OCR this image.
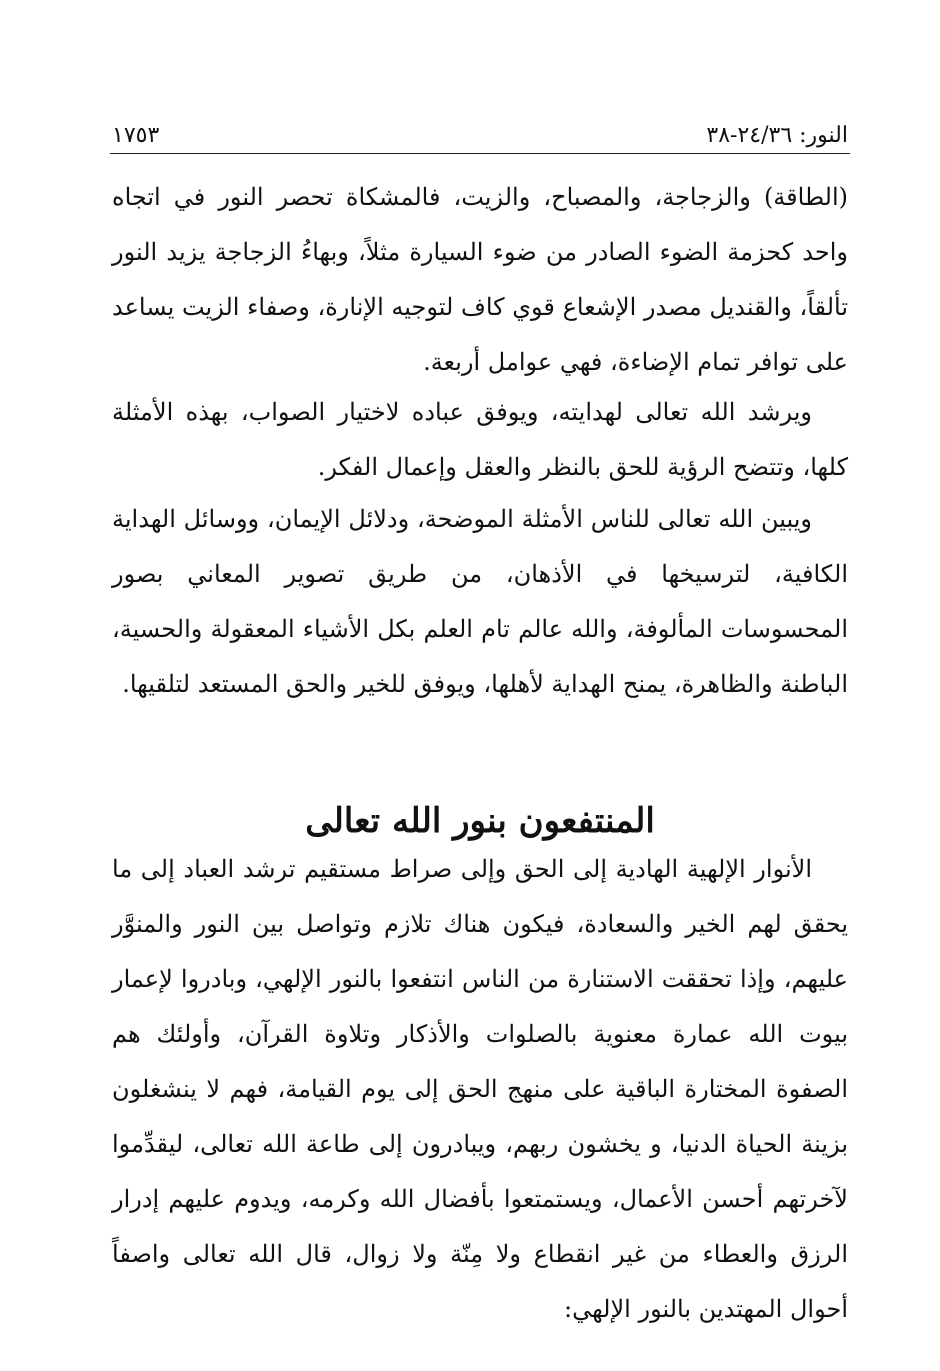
النور: ٢٤/٣٦-٣٨
١٧٥٣

(الطاقة) والزجاجة، والمصباح، والزيت، فالمشكاة تحصر النور في اتجاه واحد كحزمة الضوء الصادر من ضوء السيارة مثلاً، وبهاءُ الزجاجة يزيد النور تألقاً، والقنديل مصدر الإشعاع قوي كاف لتوجيه الإنارة، وصفاء الزيت يساعد على توافر تمام الإضاءة، فهي عوامل أربعة.

ويرشد الله تعالى لهدايته، ويوفق عباده لاختيار الصواب، بهذه الأمثلة كلها، وتتضح الرؤية للحق بالنظر والعقل وإعمال الفكر.

ويبين الله تعالى للناس الأمثلة الموضحة، ودلائل الإيمان، ووسائل الهداية الكافية، لترسيخها في الأذهان، من طريق تصوير المعاني بصور المحسوسات المألوفة، والله عالم تام العلم بكل الأشياء المعقولة والحسية، الباطنة والظاهرة، يمنح الهداية لأهلها، ويوفق للخير والحق المستعد لتلقيها.

المنتفعون بنور الله تعالى

الأنوار الإلهية الهادية إلى الحق وإلى صراط مستقيم ترشد العباد إلى ما يحقق لهم الخير والسعادة، فيكون هناك تلازم وتواصل بين النور والمنوَّر عليهم، وإذا تحققت الاستنارة من الناس انتفعوا بالنور الإلهي، وبادروا لإعمار بيوت الله عمارة معنوية بالصلوات والأذكار وتلاوة القرآن، وأولئك هم الصفوة المختارة الباقية على منهج الحق إلى يوم القيامة، فهم لا ينشغلون بزينة الحياة الدنيا، و يخشون ربهم، ويبادرون إلى طاعة الله تعالى، ليقدِّموا لآخرتهم أحسن الأعمال، ويستمتعوا بأفضال الله وكرمه، ويدوم عليهم إدرار الرزق والعطاء من غير انقطاع ولا مِنّة ولا زوال، قال الله تعالى واصفاً أحوال المهتدين بالنور الإلهي:
